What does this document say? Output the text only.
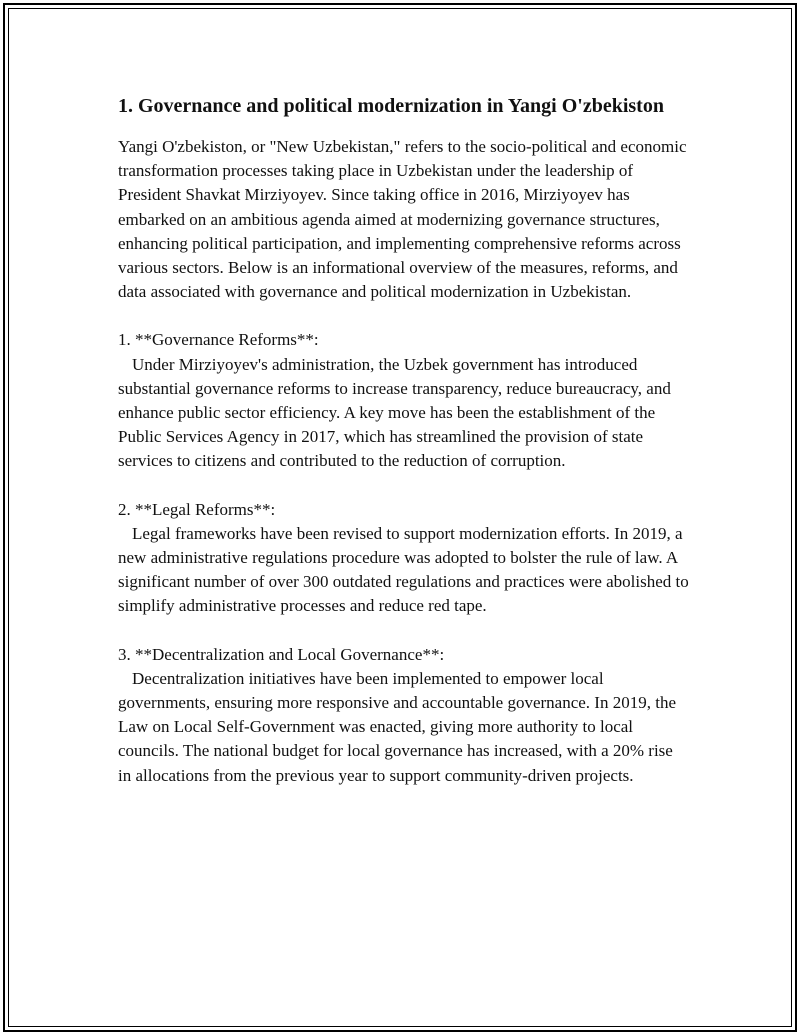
1. Governance and political modernization in Yangi O'zbekiston

Yangi O'zbekiston, or "New Uzbekistan," refers to the socio-political and economic transformation processes taking place in Uzbekistan under the leadership of President Shavkat Mirziyoyev. Since taking office in 2016, Mirziyoyev has embarked on an ambitious agenda aimed at modernizing governance structures, enhancing political participation, and implementing comprehensive reforms across various sectors. Below is an informational overview of the measures, reforms, and data associated with governance and political modernization in Uzbekistan.

1. **Governance Reforms**:

Under Mirziyoyev's administration, the Uzbek government has introduced substantial governance reforms to increase transparency, reduce bureaucracy, and enhance public sector efficiency. A key move has been the establishment of the Public Services Agency in 2017, which has streamlined the provision of state services to citizens and contributed to the reduction of corruption.

2. **Legal Reforms**:

Legal frameworks have been revised to support modernization efforts. In 2019, a new administrative regulations procedure was adopted to bolster the rule of law. A significant number of over 300 outdated regulations and practices were abolished to simplify administrative processes and reduce red tape.

3. **Decentralization and Local Governance**:

Decentralization initiatives have been implemented to empower local governments, ensuring more responsive and accountable governance. In 2019, the Law on Local Self-Government was enacted, giving more authority to local councils. The national budget for local governance has increased, with a 20% rise in allocations from the previous year to support community-driven projects.
